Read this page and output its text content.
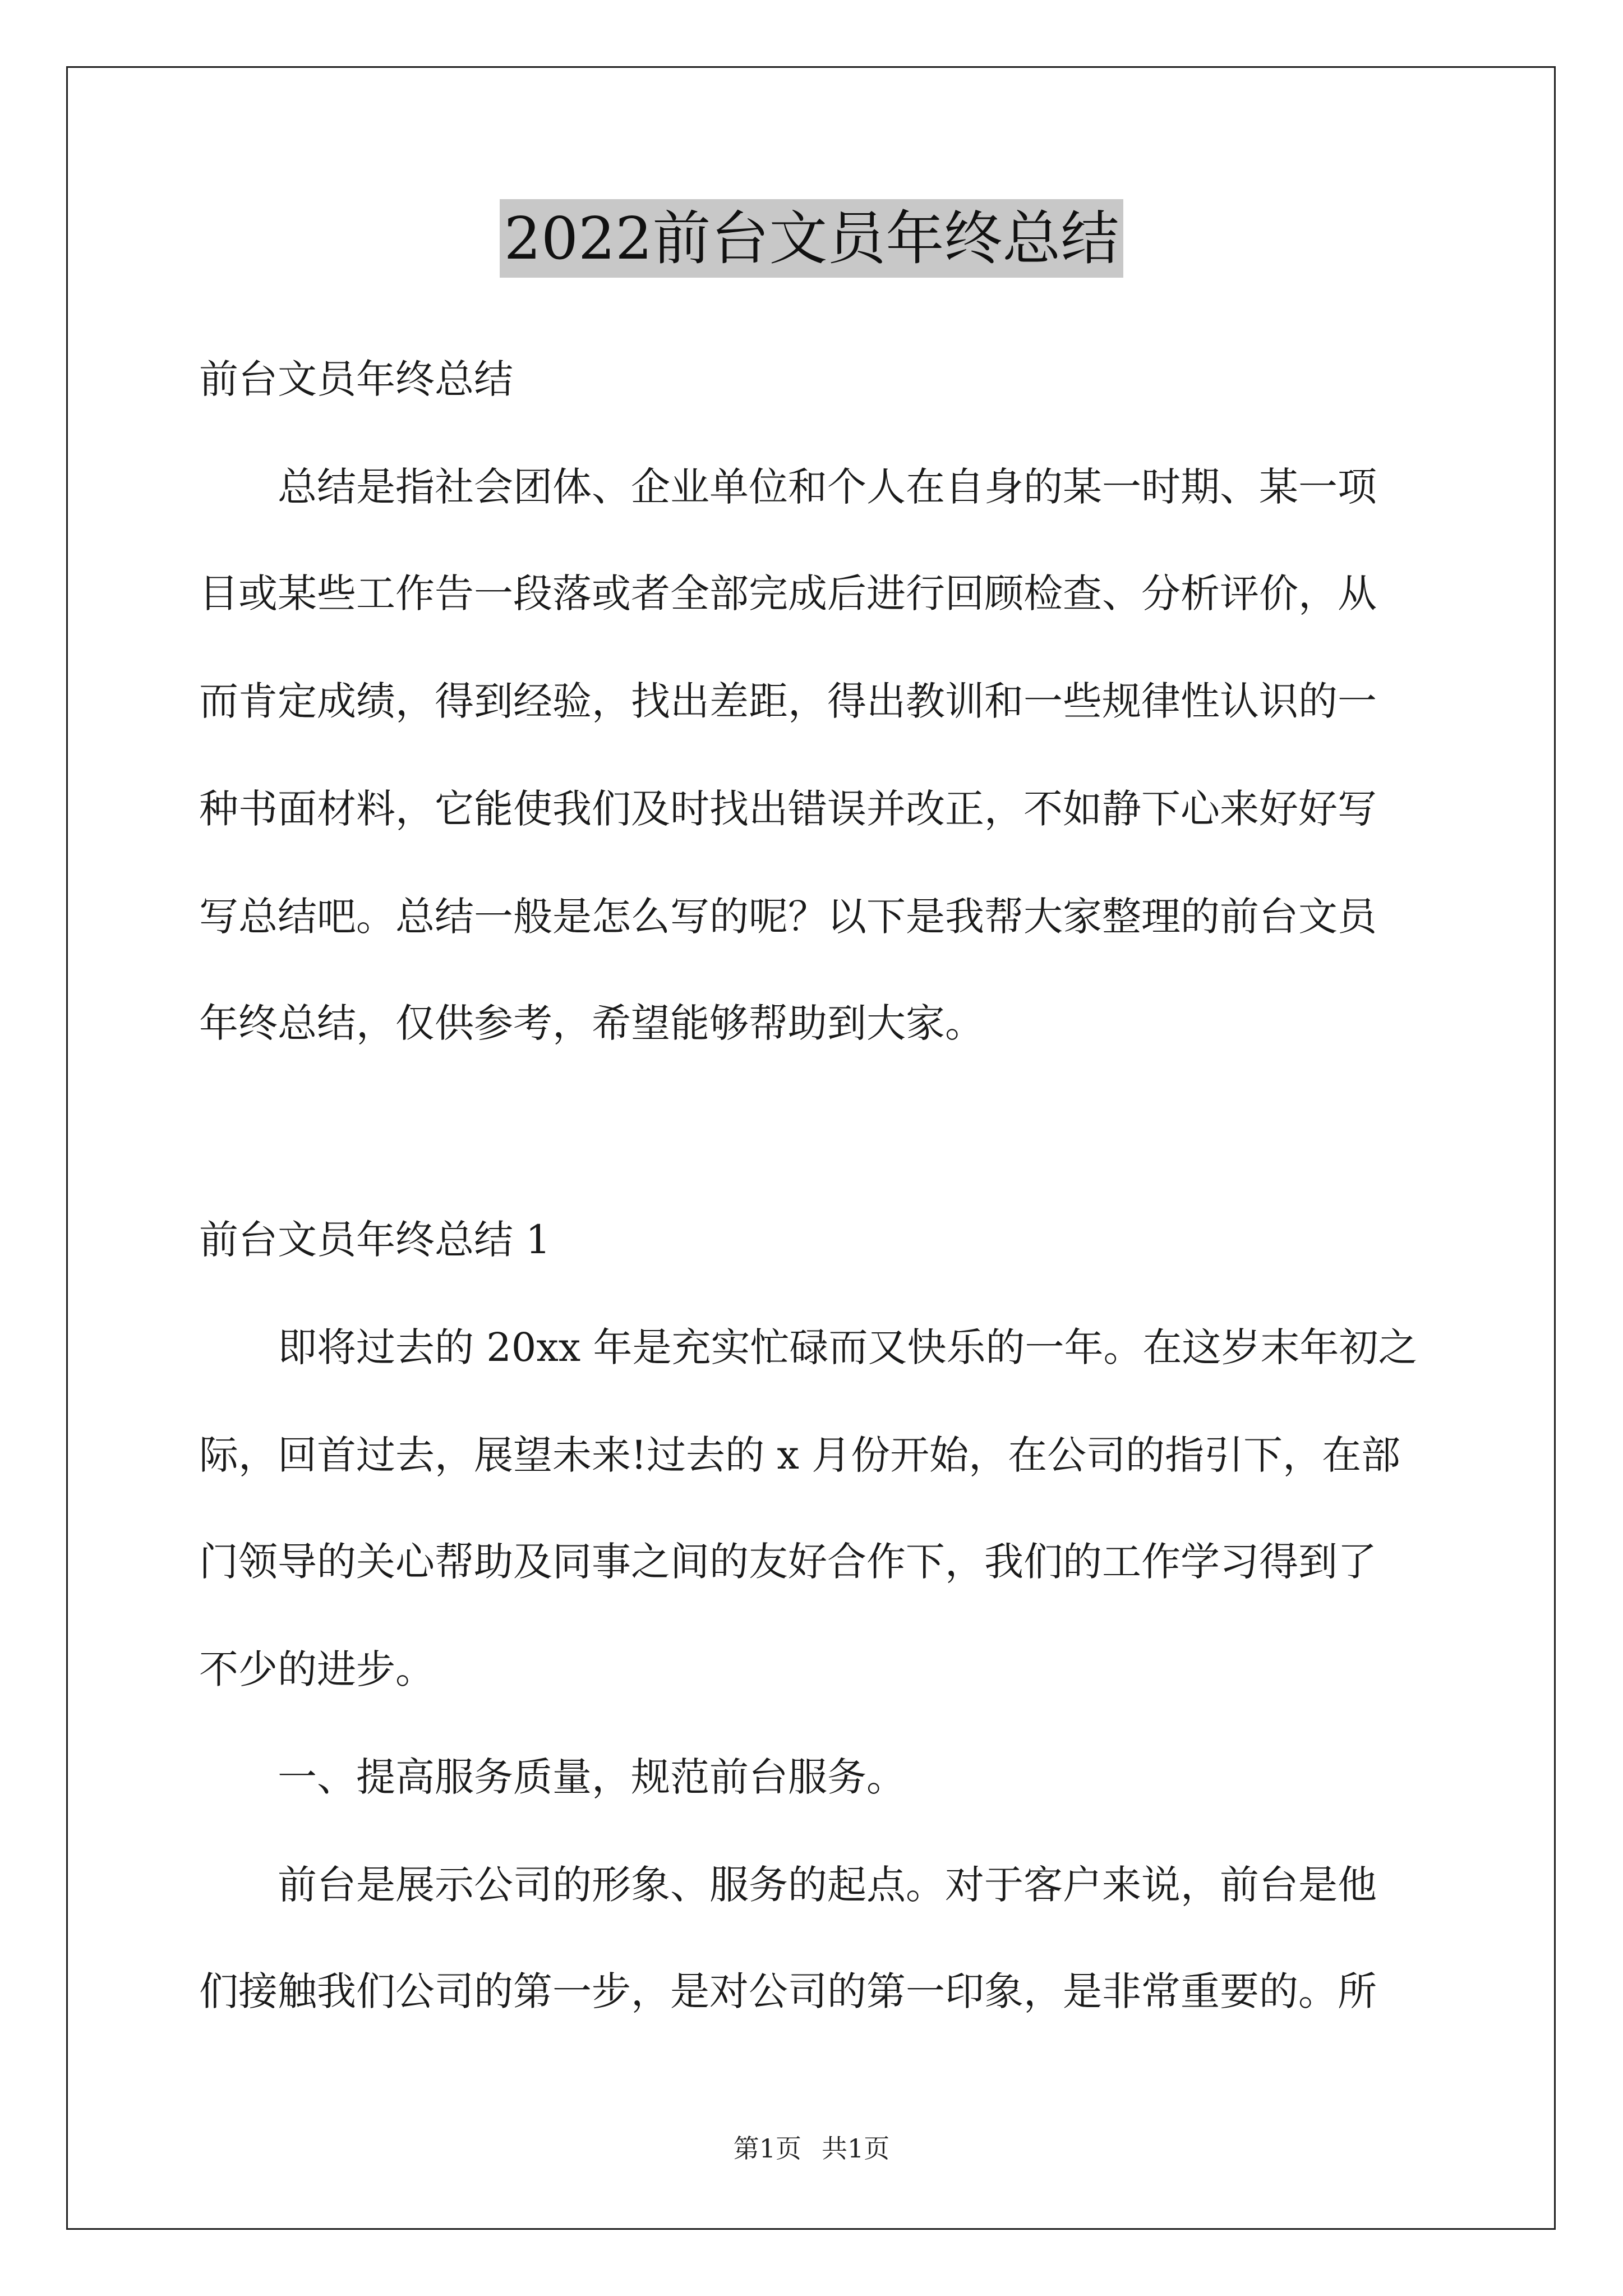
2022前台文员年终总结
前台文员年终总结
总结是指社会团体、企业单位和个人在自身的某一时期、某一项
目或某些工作告一段落或者全部完成后进行回顾检查、分析评价，从
而肯定成绩，得到经验，找出差距，得出教训和一些规律性认识的一
种书面材料，它能使我们及时找出错误并改正，不如静下心来好好写
写总结吧。总结一般是怎么写的呢？以下是我帮大家整理的前台文员
年终总结，仅供参考，希望能够帮助到大家。
前台文员年终总结 1
即将过去的 20xx 年是充实忙碌而又快乐的一年。在这岁末年初之
际，回首过去，展望未来!过去的 x 月份开始，在公司的指引下，在部
门领导的关心帮助及同事之间的友好合作下，我们的工作学习得到了
不少的进步。
一、提高服务质量，规范前台服务。
前台是展示公司的形象、服务的起点。对于客户来说，前台是他
们接触我们公司的第一步，是对公司的第一印象，是非常重要的。所
第1页 共1页
